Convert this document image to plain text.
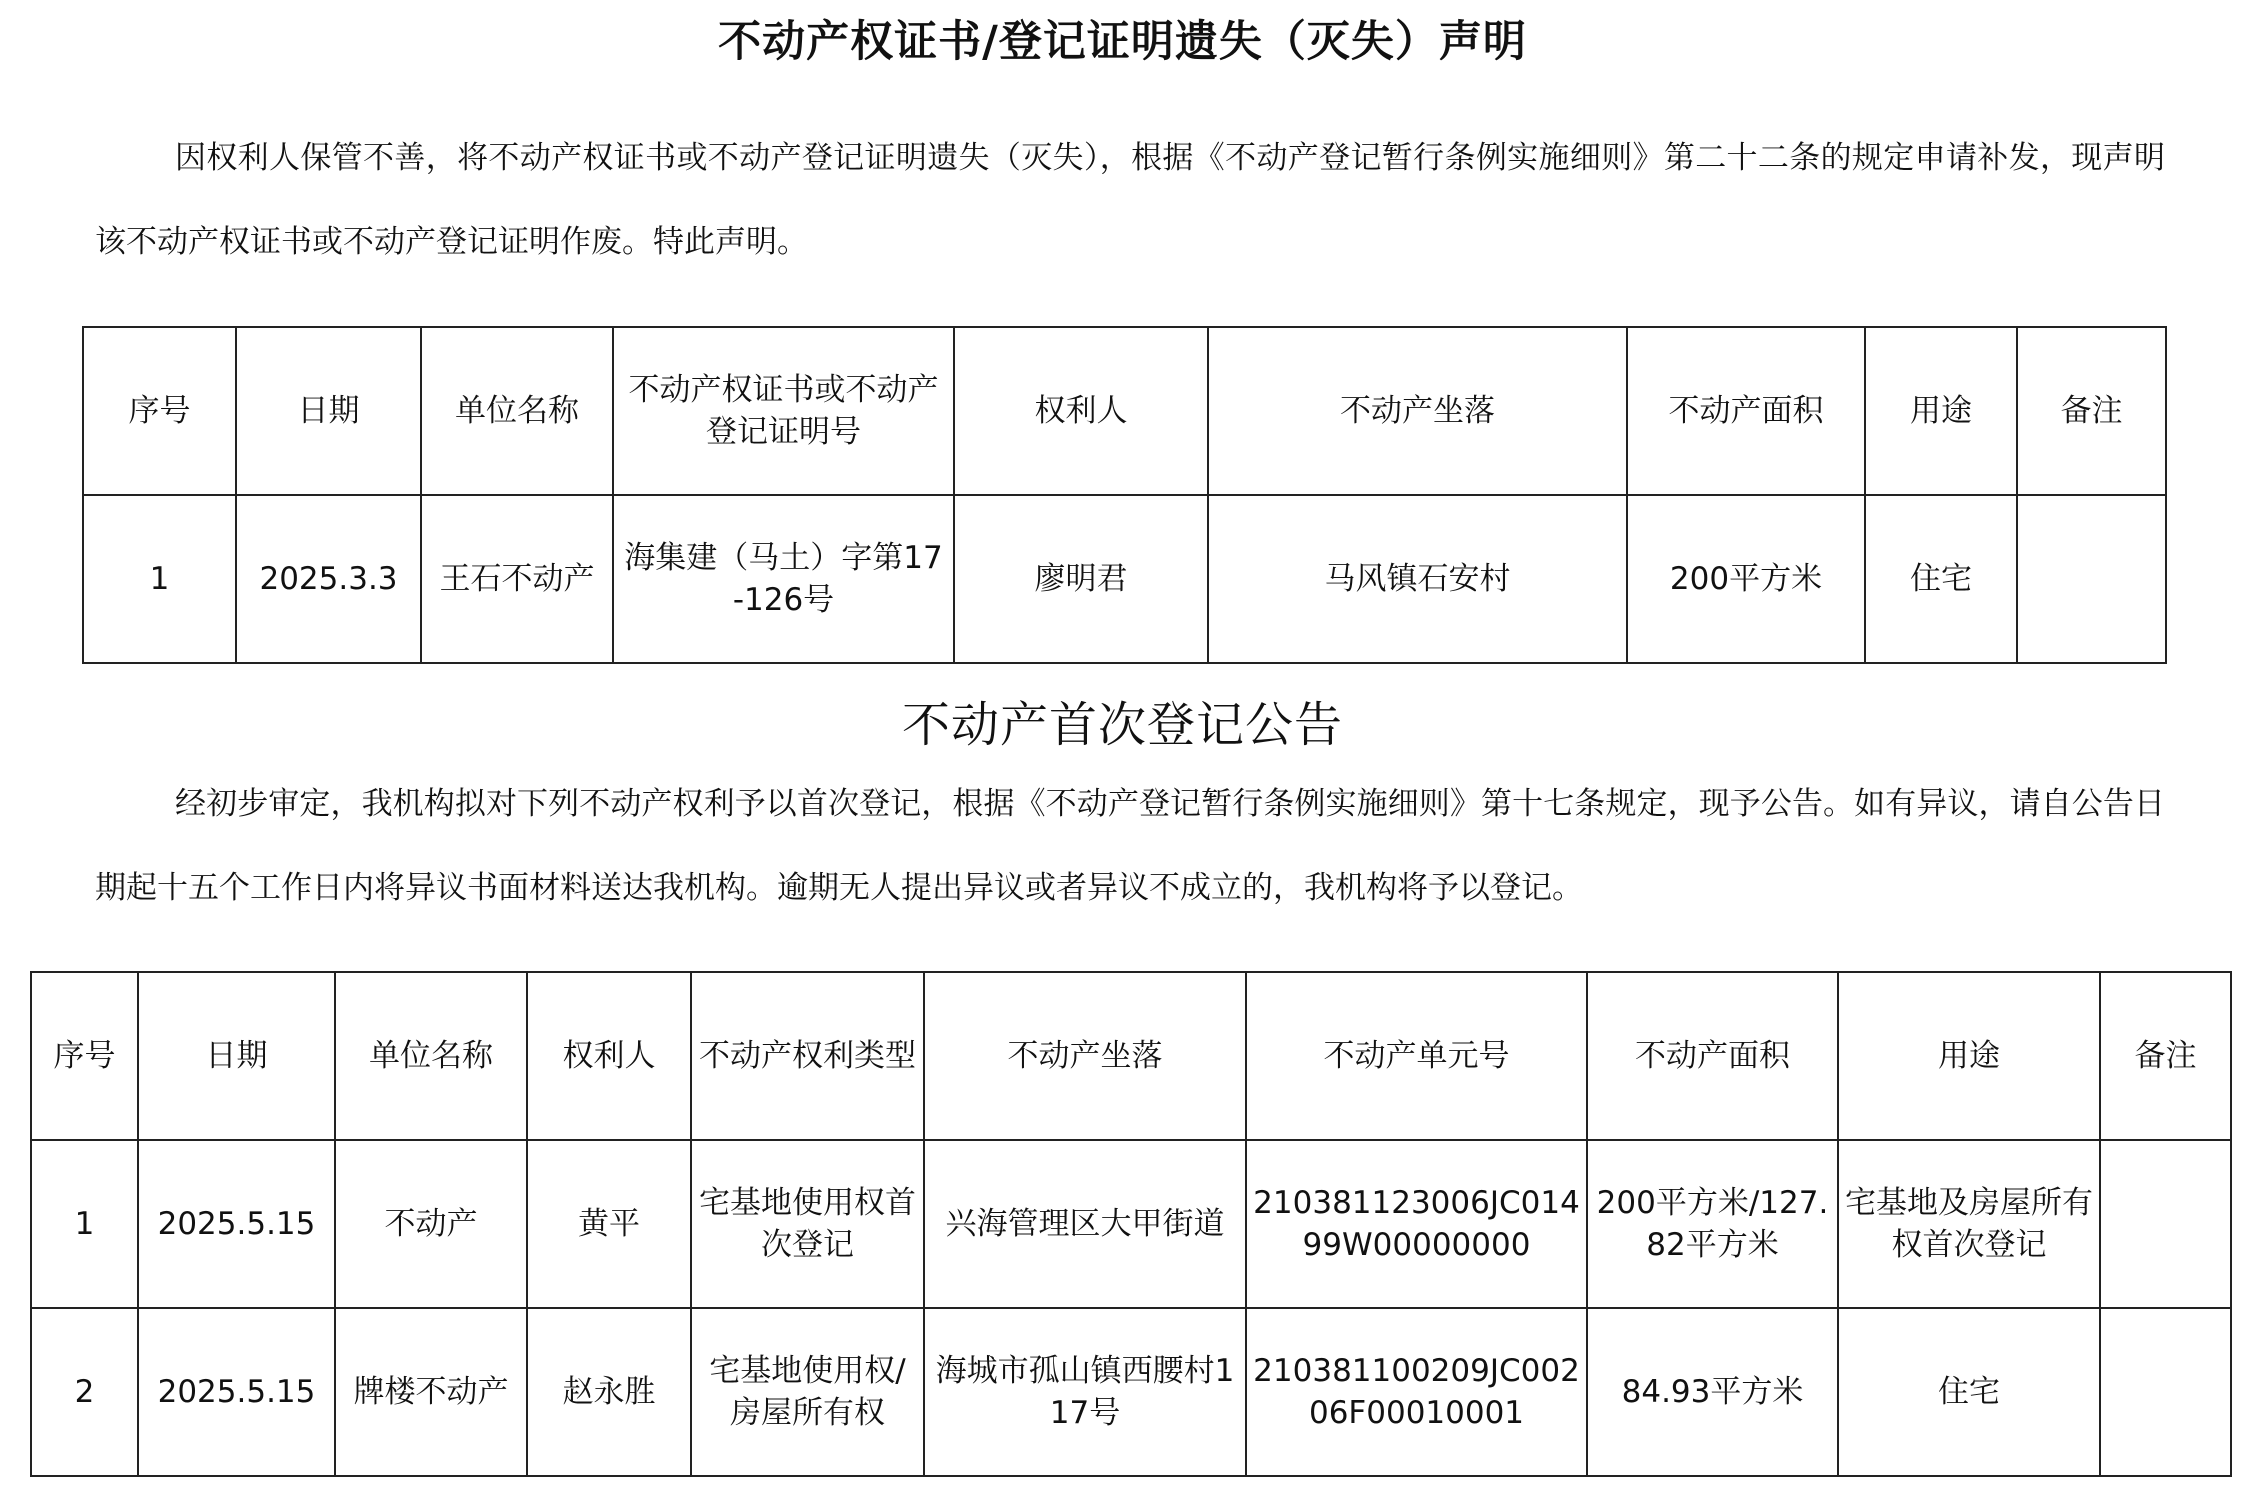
不动产权证书/登记证明遗失（灭失）声明
因权利人保管不善，将不动产权证书或不动产登记证明遗失（灭失），根据《不动产登记暂行条例实施细则》第二十二条的规定申请补发，现声明该不动产权证书或不动产登记证明作废。特此声明。
序号	日期	单位名称	不动产权证书或不动产登记证明号	权利人	不动产坐落	不动产面积	用途	备注
1	2025.3.3	王石不动产	海集建（马土）字第17-126号	廖明君	马风镇石安村	200平方米	住宅	
不动产首次登记公告
经初步审定，我机构拟对下列不动产权利予以首次登记，根据《不动产登记暂行条例实施细则》第十七条规定，现予公告。如有异议，请自公告日期起十五个工作日内将异议书面材料送达我机构。逾期无人提出异议或者异议不成立的，我机构将予以登记。
序号	日期	单位名称	权利人	不动产权利类型	不动产坐落	不动产单元号	不动产面积	用途	备注
1	2025.5.15	不动产	黄平	宅基地使用权首次登记	兴海管理区大甲街道	210381123006JC01499W00000000	200平方米/127.82平方米	宅基地及房屋所有权首次登记	
2	2025.5.15	牌楼不动产	赵永胜	宅基地使用权/房屋所有权	海城市孤山镇西腰村117号	210381100209JC00206F00010001	84.93平方米	住宅	
